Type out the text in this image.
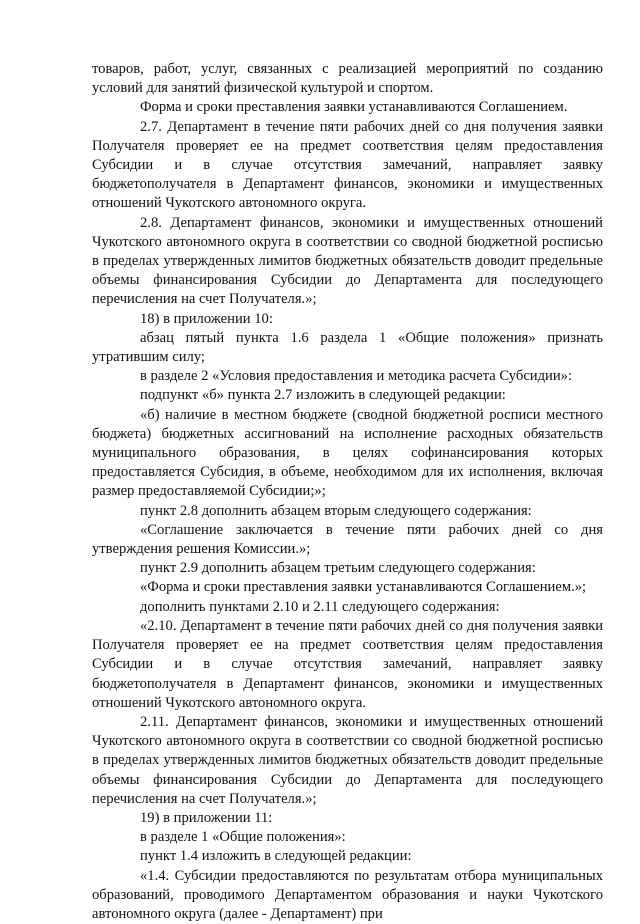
товаров, работ, услуг, связанных с реализацией мероприятий по созданию условий для занятий физической культурой и спортом.

Форма и сроки преставления заявки устанавливаются Соглашением.

2.7. Департамент в течение пяти рабочих дней со дня получения заявки Получателя проверяет ее на предмет соответствия целям предоставления Субсидии и в случае отсутствия замечаний, направляет заявку бюджетополучателя в Департамент финансов, экономики и имущественных отношений Чукотского автономного округа.

2.8. Департамент финансов, экономики и имущественных отношений Чукотского автономного округа в соответствии со сводной бюджетной росписью в пределах утвержденных лимитов бюджетных обязательств доводит предельные объемы финансирования Субсидии до Департамента для последующего перечисления на счет Получателя.»;

18) в приложении 10:

абзац пятый пункта 1.6 раздела 1 «Общие положения» признать утратившим силу;

в разделе 2 «Условия предоставления и методика расчета Субсидии»:

подпункт «б» пункта 2.7 изложить в следующей редакции:

«б) наличие в местном бюджете (сводной бюджетной росписи местного бюджета) бюджетных ассигнований на исполнение расходных обязательств муниципального образования, в целях софинансирования которых предоставляется Субсидия, в объеме, необходимом для их исполнения, включая размер предоставляемой Субсидии;»;

пункт 2.8 дополнить абзацем вторым следующего содержания:

«Соглашение заключается в течение пяти рабочих дней со дня утверждения решения Комиссии.»;

пункт 2.9 дополнить абзацем третьим следующего содержания:

«Форма и сроки преставления заявки устанавливаются Соглашением.»;

дополнить пунктами 2.10 и 2.11 следующего содержания:

«2.10. Департамент в течение пяти рабочих дней со дня получения заявки Получателя проверяет ее на предмет соответствия целям предоставления Субсидии и в случае отсутствия замечаний, направляет заявку бюджетополучателя в Департамент финансов, экономики и имущественных отношений Чукотского автономного округа.

2.11. Департамент финансов, экономики и имущественных отношений Чукотского автономного округа в соответствии со сводной бюджетной росписью в пределах утвержденных лимитов бюджетных обязательств доводит предельные объемы финансирования Субсидии до Департамента для последующего перечисления на счет Получателя.»;

19) в приложении 11:

в разделе 1 «Общие положения»:

пункт 1.4 изложить в следующей редакции:

«1.4. Субсидии предоставляются по результатам отбора муниципальных образований, проводимого Департаментом образования и науки Чукотского автономного округа (далее - Департамент) при
